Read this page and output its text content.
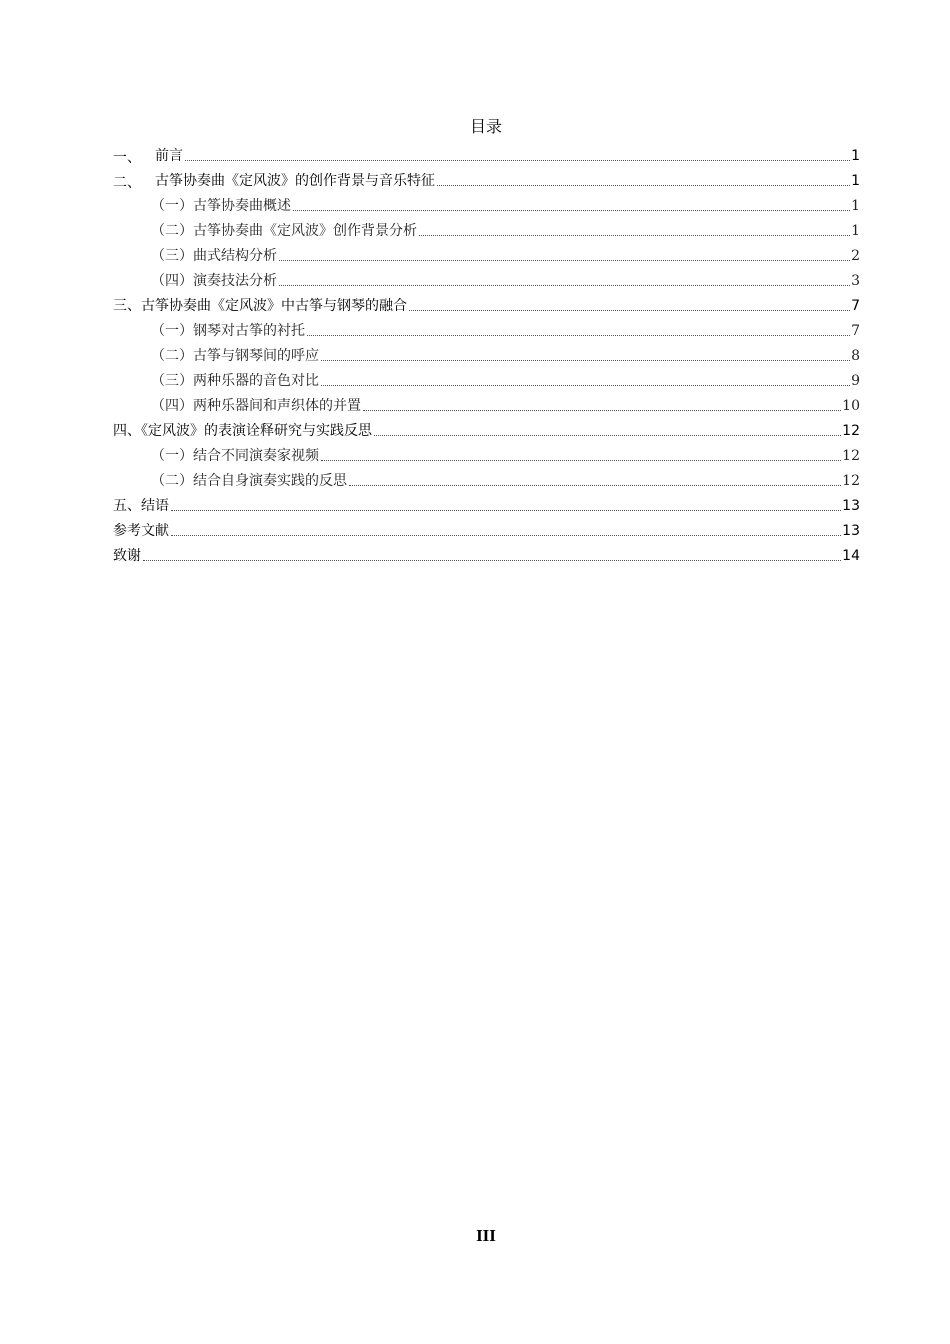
目录
一、	前言	1
二、	古筝协奏曲《定风波》的创作背景与音乐特征	1
（一）古筝协奏曲概述	1
（二）古筝协奏曲《定风波》创作背景分析	1
（三）曲式结构分析	2
（四）演奏技法分析	3
三、古筝协奏曲《定风波》中古筝与钢琴的融合	7
（一）钢琴对古筝的衬托	7
（二）古筝与钢琴间的呼应	8
（三）两种乐器的音色对比	9
（四）两种乐器间和声织体的并置	10
四、《定风波》的表演诠释研究与实践反思	12
（一）结合不同演奏家视频	12
（二）结合自身演奏实践的反思	12
五、结语	13
参考文献	13
致谢	14
III
